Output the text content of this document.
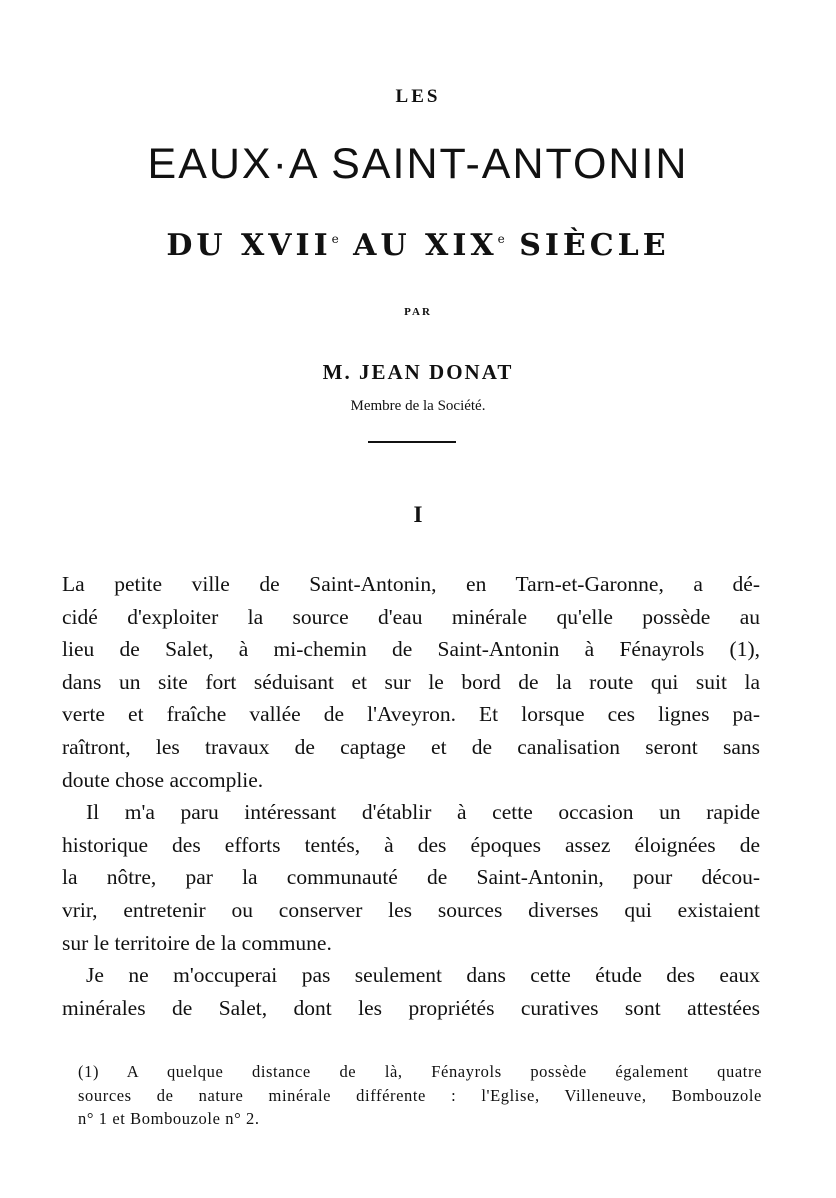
LES
EAUX·A SAINT-ANTONIN
DU XVIIe AU XIXe SIÈCLE
PAR
M. JEAN DONAT
Membre de la Société.
I
La petite ville de Saint-Antonin, en Tarn-et-Garonne, a dé-
cidé d'exploiter la source d'eau minérale qu'elle possède au
lieu de Salet, à mi-chemin de Saint-Antonin à Fénayrols (1),
dans un site fort séduisant et sur le bord de la route qui suit la
verte et fraîche vallée de l'Aveyron. Et lorsque ces lignes pa-
raîtront, les travaux de captage et de canalisation seront sans
doute chose accomplie.
Il m'a paru intéressant d'établir à cette occasion un rapide
historique des efforts tentés, à des époques assez éloignées de
la nôtre, par la communauté de Saint-Antonin, pour décou-
vrir, entretenir ou conserver les sources diverses qui existaient
sur le territoire de la commune.
Je ne m'occuperai pas seulement dans cette étude des eaux
minérales de Salet, dont les propriétés curatives sont attestées
(1) A quelque distance de là, Fénayrols possède également quatre
sources de nature minérale différente : l'Eglise, Villeneuve, Bombouzole
n° 1 et Bombouzole n° 2.
